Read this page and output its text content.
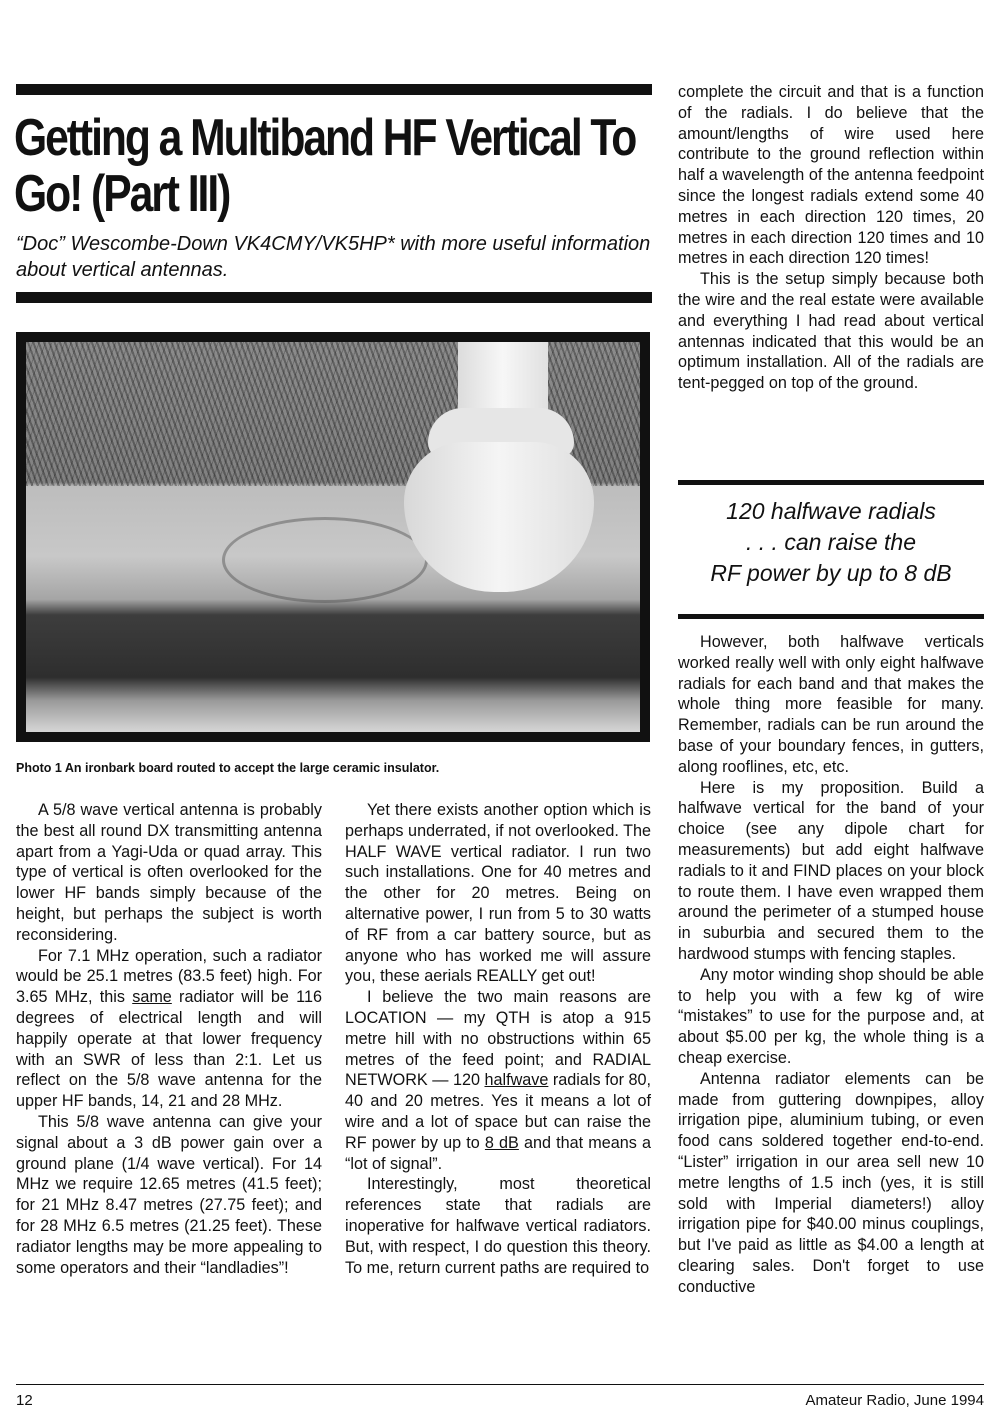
Getting a Multiband HF Vertical To Go! (Part III)

“Doc” Wescombe-Down VK4CMY/VK5HP* with more useful information about vertical antennas.

Photo 1 An ironbark board routed to accept the large ceramic insulator.

A 5/8 wave vertical antenna is probably the best all round DX transmitting antenna apart from a Yagi-Uda or quad array. This type of vertical is often overlooked for the lower HF bands simply because of the height, but perhaps the subject is worth reconsidering.

For 7.1 MHz operation, such a radiator would be 25.1 metres (83.5 feet) high. For 3.65 MHz, this same radiator will be 116 degrees of electrical length and will happily operate at that lower frequency with an SWR of less than 2:1. Let us reflect on the 5/8 wave antenna for the upper HF bands, 14, 21 and 28 MHz.

This 5/8 wave antenna can give your signal about a 3 dB power gain over a ground plane (1/4 wave vertical). For 14 MHz we require 12.65 metres (41.5 feet); for 21 MHz 8.47 metres (27.75 feet); and for 28 MHz 6.5 metres (21.25 feet). These radiator lengths may be more appealing to some operators and their “landladies”!

Yet there exists another option which is perhaps underrated, if not overlooked. The HALF WAVE vertical radiator. I run two such installations. One for 40 metres and the other for 20 metres. Being on alternative power, I run from 5 to 30 watts of RF from a car battery source, but as anyone who has worked me will assure you, these aerials REALLY get out!

I believe the two main reasons are LOCATION — my QTH is atop a 915 metre hill with no obstructions within 65 metres of the feed point; and RADIAL NETWORK — 120 halfwave radials for 80, 40 and 20 metres. Yes it means a lot of wire and a lot of space but can raise the RF power by up to 8 dB and that means a “lot of signal”.

Interestingly, most theoretical references state that radials are inoperative for halfwave vertical radiators. But, with respect, I do question this theory. To me, return current paths are required to

complete the circuit and that is a function of the radials. I do believe that the amount/lengths of wire used here contribute to the ground reflection within half a wavelength of the antenna feedpoint since the longest radials extend some 40 metres in each direction 120 times, 20 metres in each direction 120 times and 10 metres in each direction 120 times!

This is the setup simply because both the wire and the real estate were available and everything I had read about vertical antennas indicated that this would be an optimum installation. All of the radials are tent-pegged on top of the ground.

120 halfwave radials
. . . can raise the
RF power by up to 8 dB

However, both halfwave verticals worked really well with only eight halfwave radials for each band and that makes the whole thing more feasible for many. Remember, radials can be run around the base of your boundary fences, in gutters, along rooflines, etc, etc.

Here is my proposition. Build a halfwave vertical for the band of your choice (see any dipole chart for measurements) but add eight halfwave radials to it and FIND places on your block to route them. I have even wrapped them around the perimeter of a stumped house in suburbia and secured them to the hardwood stumps with fencing staples.

Any motor winding shop should be able to help you with a few kg of wire “mistakes” to use for the purpose and, at about $5.00 per kg, the whole thing is a cheap exercise.

Antenna radiator elements can be made from guttering downpipes, alloy irrigation pipe, aluminium tubing, or even food cans soldered together end-to-end. “Lister” irrigation in our area sell new 10 metre lengths of 1.5 inch (yes, it is still sold with Imperial diameters!) alloy irrigation pipe for $40.00 minus couplings, but I've paid as little as $4.00 a length at clearing sales. Don't forget to use conductive

12	Amateur Radio, June 1994
